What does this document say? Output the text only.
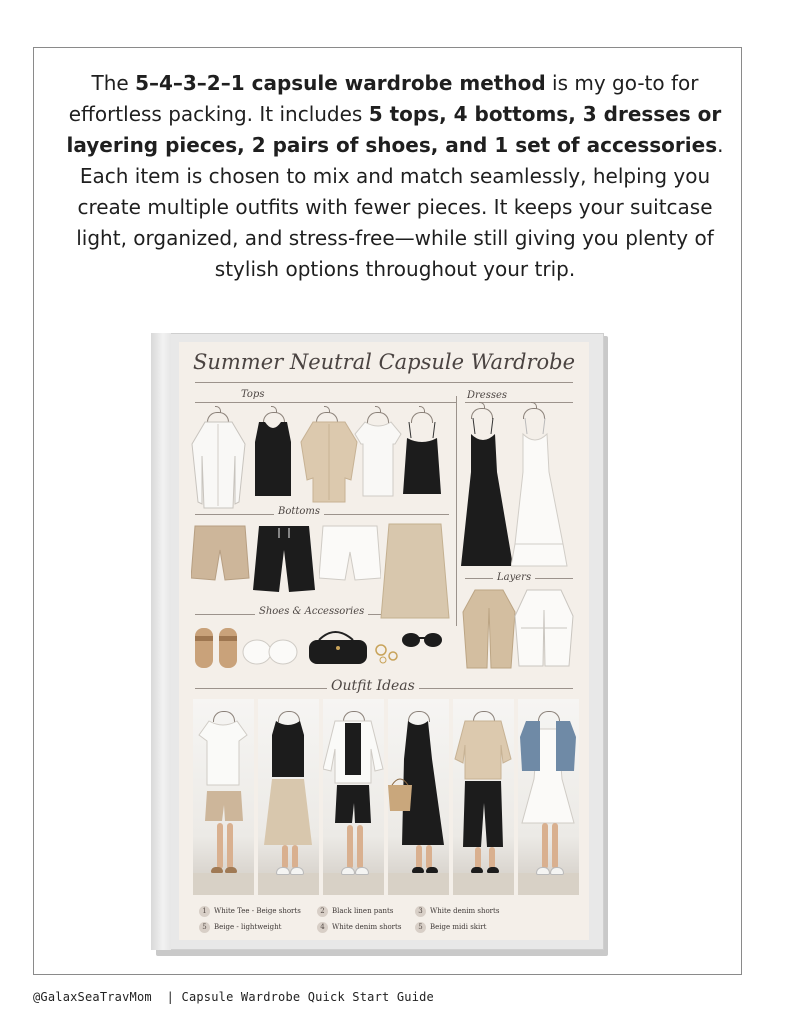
The 5–4–3–2–1 capsule wardrobe method is my go-to for effortless packing. It includes 5 tops, 4 bottoms, 3 dresses or layering pieces, 2 pairs of shoes, and 1 set of accessories. Each item is chosen to mix and match seamlessly, helping you create multiple outfits with fewer pieces. It keeps your suitcase light, organized, and stress-free—while still giving you plenty of stylish options throughout your trip.
Summer Neutral Capsule Wardrobe
Tops	Dresses
Bottoms
Layers
Shoes & Accessories
Outfit Ideas
1 White Tee - Beige shorts	2 Black linen pants	3 White denim shorts
5 Beige - lightweight	4 White denim shorts	5 Beige midi skirt
@GalaxSeaTravMom | Capsule Wardrobe Quick Start Guide
